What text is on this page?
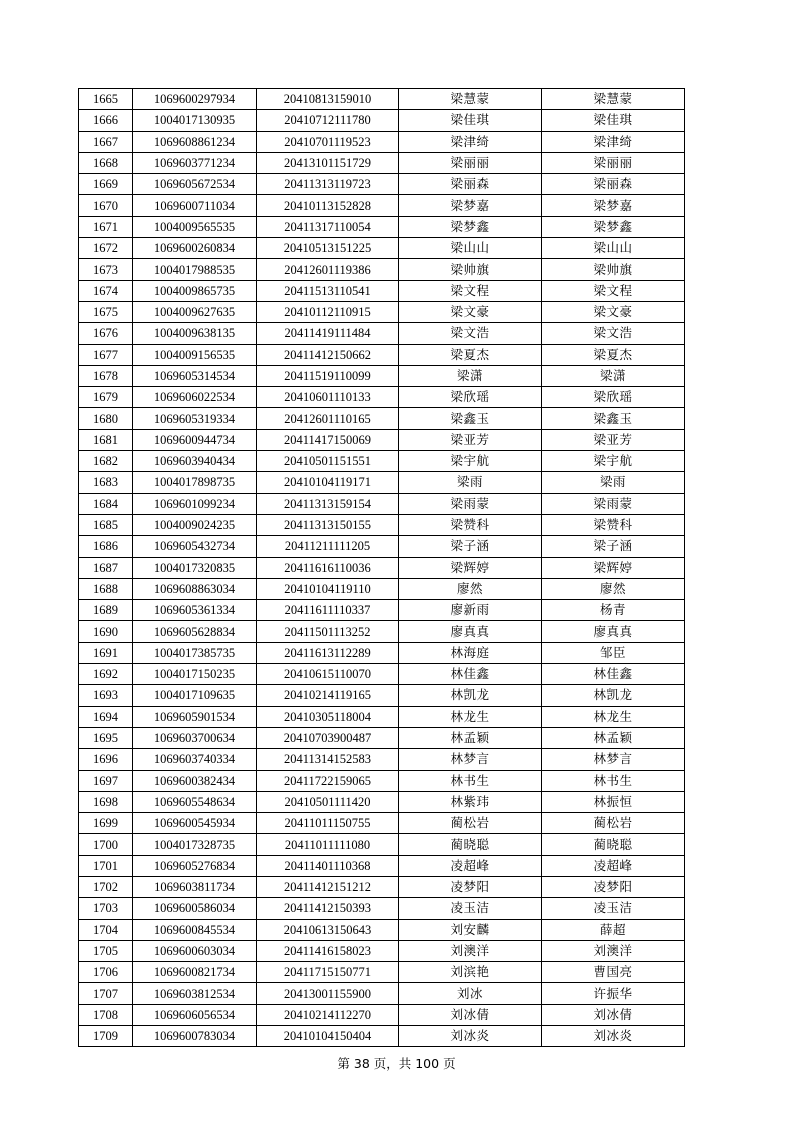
1665	1069600297934	20410813159010	梁慧蒙	梁慧蒙
1666	1004017130935	20410712111780	梁佳琪	梁佳琪
1667	1069608861234	20410701119523	梁津绮	梁津绮
1668	1069603771234	20413101151729	梁丽丽	梁丽丽
1669	1069605672534	20411313119723	梁丽森	梁丽森
1670	1069600711034	20410113152828	梁梦嘉	梁梦嘉
1671	1004009565535	20411317110054	梁梦鑫	梁梦鑫
1672	1069600260834	20410513151225	梁山山	梁山山
1673	1004017988535	20412601119386	梁帅旗	梁帅旗
1674	1004009865735	20411513110541	梁文程	梁文程
1675	1004009627635	20410112110915	梁文豪	梁文豪
1676	1004009638135	20411419111484	梁文浩	梁文浩
1677	1004009156535	20411412150662	梁夏杰	梁夏杰
1678	1069605314534	20411519110099	梁潇	梁潇
1679	1069606022534	20410601110133	梁欣瑶	梁欣瑶
1680	1069605319334	20412601110165	梁鑫玉	梁鑫玉
1681	1069600944734	20411417150069	梁亚芳	梁亚芳
1682	1069603940434	20410501151551	梁宇航	梁宇航
1683	1004017898735	20410104119171	梁雨	梁雨
1684	1069601099234	20411313159154	梁雨蒙	梁雨蒙
1685	1004009024235	20411313150155	梁赞科	梁赞科
1686	1069605432734	20411211111205	梁子涵	梁子涵
1687	1004017320835	20411616110036	梁辉婷	梁辉婷
1688	1069608863034	20410104119110	廖然	廖然
1689	1069605361334	20411611110337	廖新雨	杨青
1690	1069605628834	20411501113252	廖真真	廖真真
1691	1004017385735	20411613112289	林海庭	邹臣
1692	1004017150235	20410615110070	林佳鑫	林佳鑫
1693	1004017109635	20410214119165	林凯龙	林凯龙
1694	1069605901534	20410305118004	林龙生	林龙生
1695	1069603700634	20410703900487	林孟颖	林孟颖
1696	1069603740334	20411314152583	林梦言	林梦言
1697	1069600382434	20411722159065	林书生	林书生
1698	1069605548634	20410501111420	林紫玮	林振恒
1699	1069600545934	20411011150755	蔺松岩	蔺松岩
1700	1004017328735	20411011111080	蔺晓聪	蔺晓聪
1701	1069605276834	20411401110368	凌超峰	凌超峰
1702	1069603811734	20411412151212	凌梦阳	凌梦阳
1703	1069600586034	20411412150393	凌玉洁	凌玉洁
1704	1069600845534	20410613150643	刘安麟	薛超
1705	1069600603034	20411416158023	刘澳洋	刘澳洋
1706	1069600821734	20411715150771	刘滨艳	曹国亮
1707	1069603812534	20413001155900	刘冰	许振华
1708	1069606056534	20410214112270	刘冰倩	刘冰倩
1709	1069600783034	20410104150404	刘冰炎	刘冰炎
第 38 页，共 100 页
